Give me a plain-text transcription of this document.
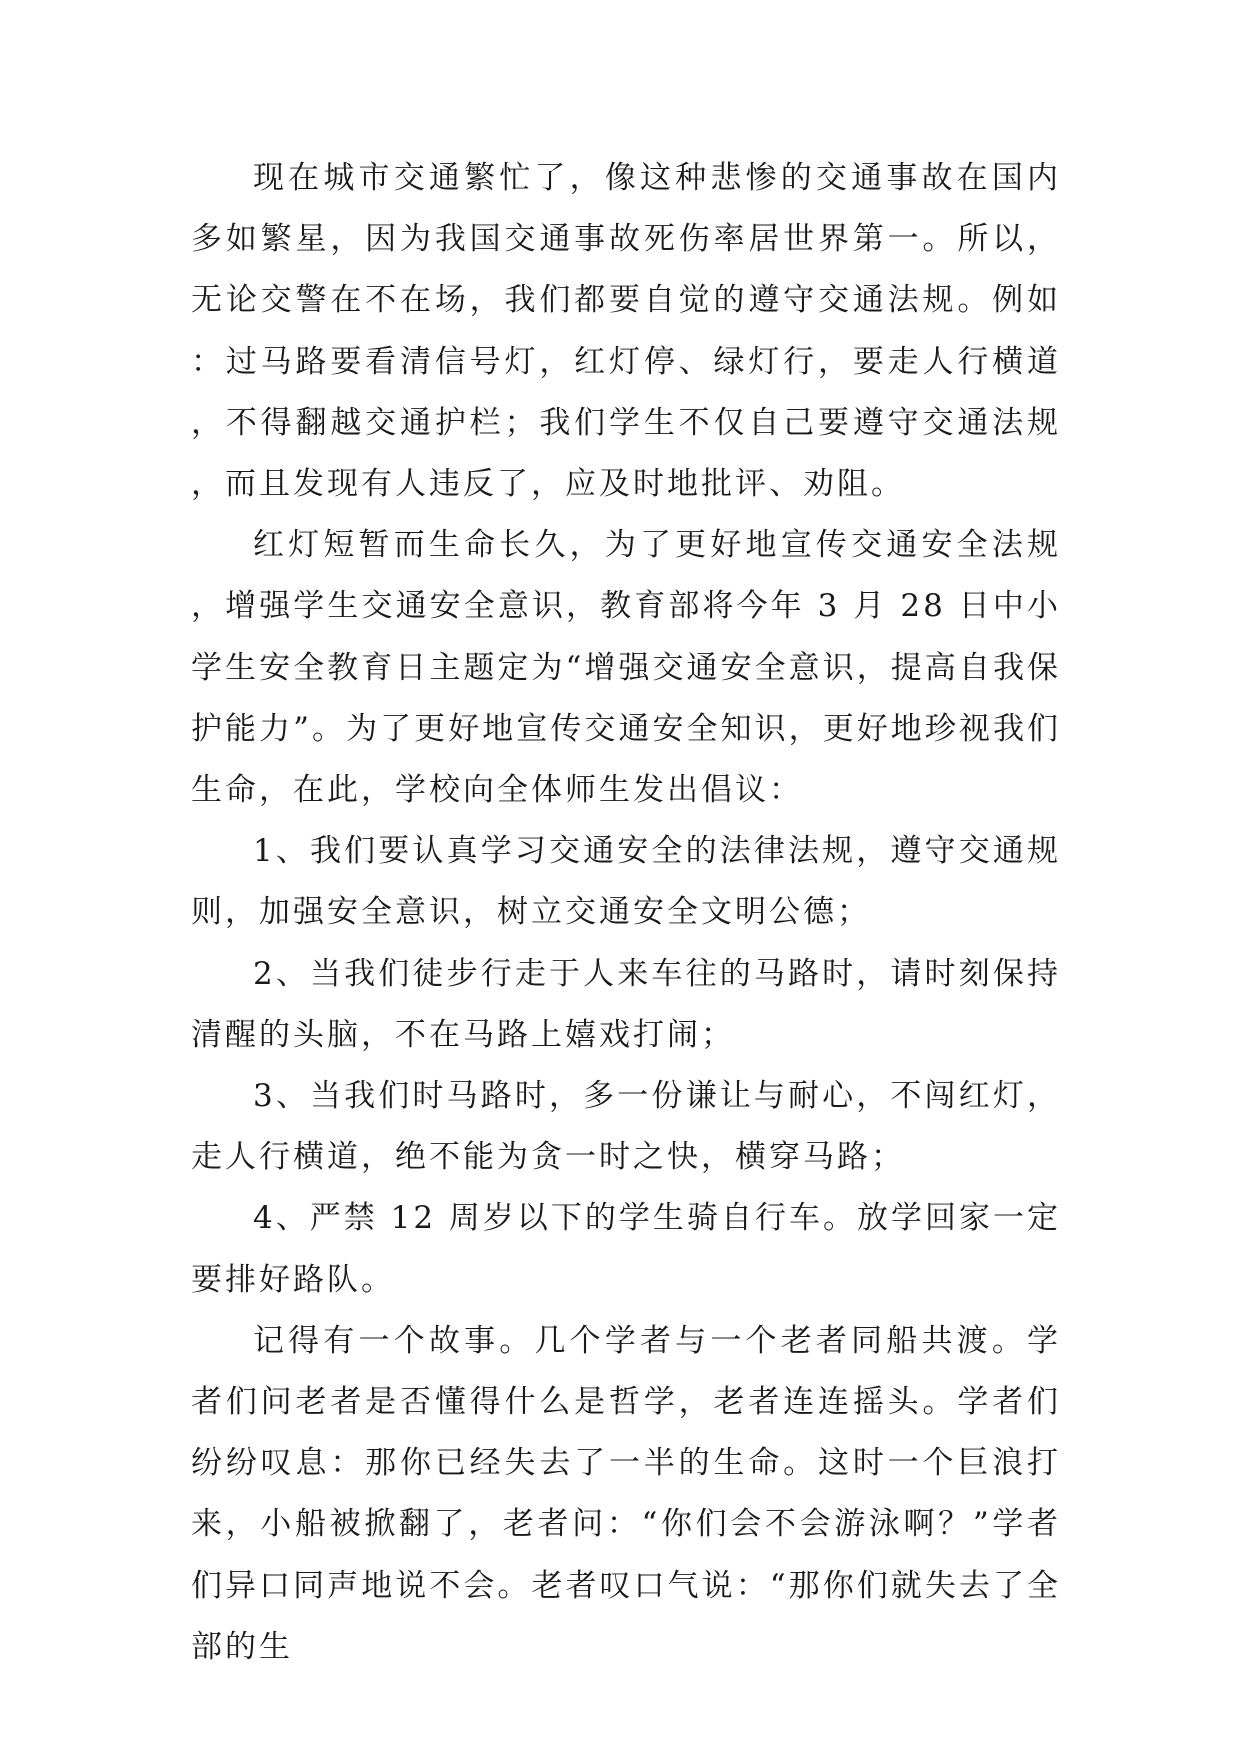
现在城市交通繁忙了，像这种悲惨的交通事故在国内多如繁星，因为我国交通事故死伤率居世界第一。所以，无论交警在不在场，我们都要自觉的遵守交通法规。例如：过马路要看清信号灯，红灯停、绿灯行，要走人行横道，不得翻越交通护栏；我们学生不仅自己要遵守交通法规，而且发现有人违反了，应及时地批评、劝阻。

红灯短暂而生命长久，为了更好地宣传交通安全法规，增强学生交通安全意识，教育部将今年 3 月 28 日中小学生安全教育日主题定为“增强交通安全意识，提高自我保护能力”。为了更好地宣传交通安全知识，更好地珍视我们生命，在此，学校向全体师生发出倡议：

1、我们要认真学习交通安全的法律法规，遵守交通规则，加强安全意识，树立交通安全文明公德；

2、当我们徒步行走于人来车往的马路时，请时刻保持清醒的头脑，不在马路上嬉戏打闹；

3、当我们时马路时，多一份谦让与耐心，不闯红灯，走人行横道，绝不能为贪一时之快，横穿马路；

4、严禁 12 周岁以下的学生骑自行车。放学回家一定要排好路队。

记得有一个故事。几个学者与一个老者同船共渡。学者们问老者是否懂得什么是哲学，老者连连摇头。学者们纷纷叹息：那你已经失去了一半的生命。这时一个巨浪打来，小船被掀翻了，老者问：“你们会不会游泳啊？”学者们异口同声地说不会。老者叹口气说：“那你们就失去了全部的生
